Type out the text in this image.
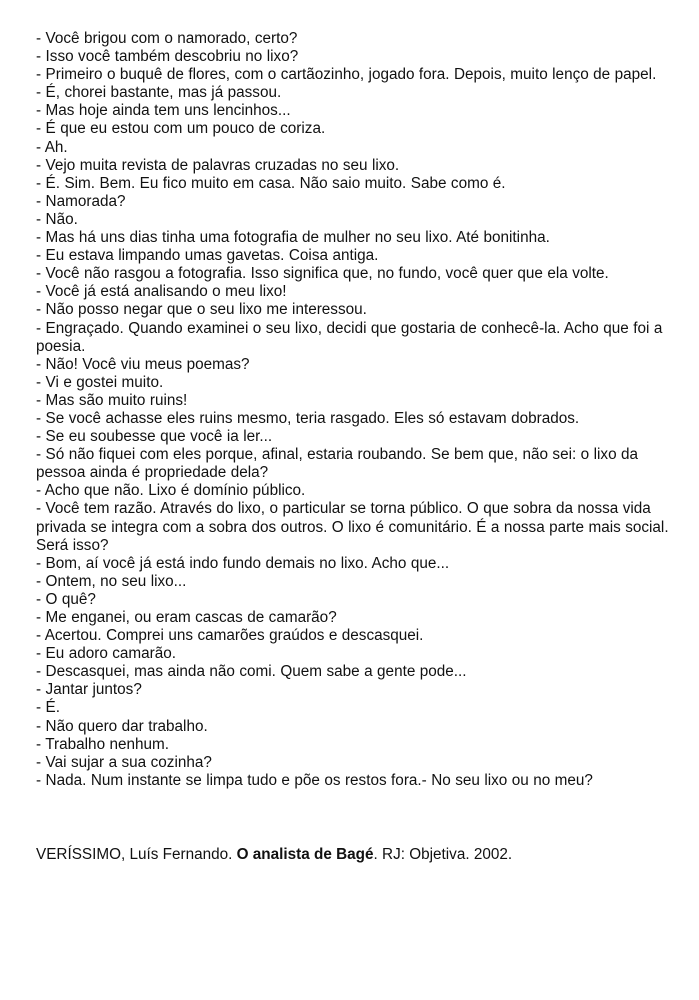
- Você brigou com o namorado, certo?

- Isso você também descobriu no lixo?

- Primeiro o buquê de flores, com o cartãozinho, jogado fora. Depois, muito lenço de papel.

- É, chorei bastante, mas já passou.

- Mas hoje ainda tem uns lencinhos...

- É que eu estou com um pouco de coriza.

- Ah.

- Vejo muita revista de palavras cruzadas no seu lixo.

- É. Sim. Bem. Eu fico muito em casa. Não saio muito. Sabe como é.

- Namorada?

- Não.

- Mas há uns dias tinha uma fotografia de mulher no seu lixo. Até bonitinha.

- Eu estava limpando umas gavetas. Coisa antiga.

- Você não rasgou a fotografia. Isso significa que, no fundo, você quer que ela volte.

- Você já está analisando o meu lixo!

- Não posso negar que o seu lixo me interessou.

- Engraçado. Quando examinei o seu lixo, decidi que gostaria de conhecê-la. Acho que foi a poesia.

- Não! Você viu meus poemas?

- Vi e gostei muito.

- Mas são muito ruins!

- Se você achasse eles ruins mesmo, teria rasgado. Eles só estavam dobrados.

- Se eu soubesse que você ia ler...

- Só não fiquei com eles porque, afinal, estaria roubando. Se bem que, não sei: o lixo da pessoa ainda é propriedade dela?

- Acho que não. Lixo é domínio público.

- Você tem razão. Através do lixo, o particular se torna público. O que sobra da nossa vida privada se integra com a sobra dos outros. O lixo é comunitário. É a nossa parte mais social. Será isso?

- Bom, aí você já está indo fundo demais no lixo. Acho que...

- Ontem, no seu lixo...

- O quê?

- Me enganei, ou eram cascas de camarão?

- Acertou. Comprei uns camarões graúdos e descasquei.

- Eu adoro camarão.

- Descasquei, mas ainda não comi. Quem sabe a gente pode...

- Jantar juntos?

- É.

- Não quero dar trabalho.

- Trabalho nenhum.

- Vai sujar a sua cozinha?

- Nada. Num instante se limpa tudo e põe os restos fora.- No seu lixo ou no meu?

VERÍSSIMO, Luís Fernando. O analista de Bagé. RJ: Objetiva. 2002.
